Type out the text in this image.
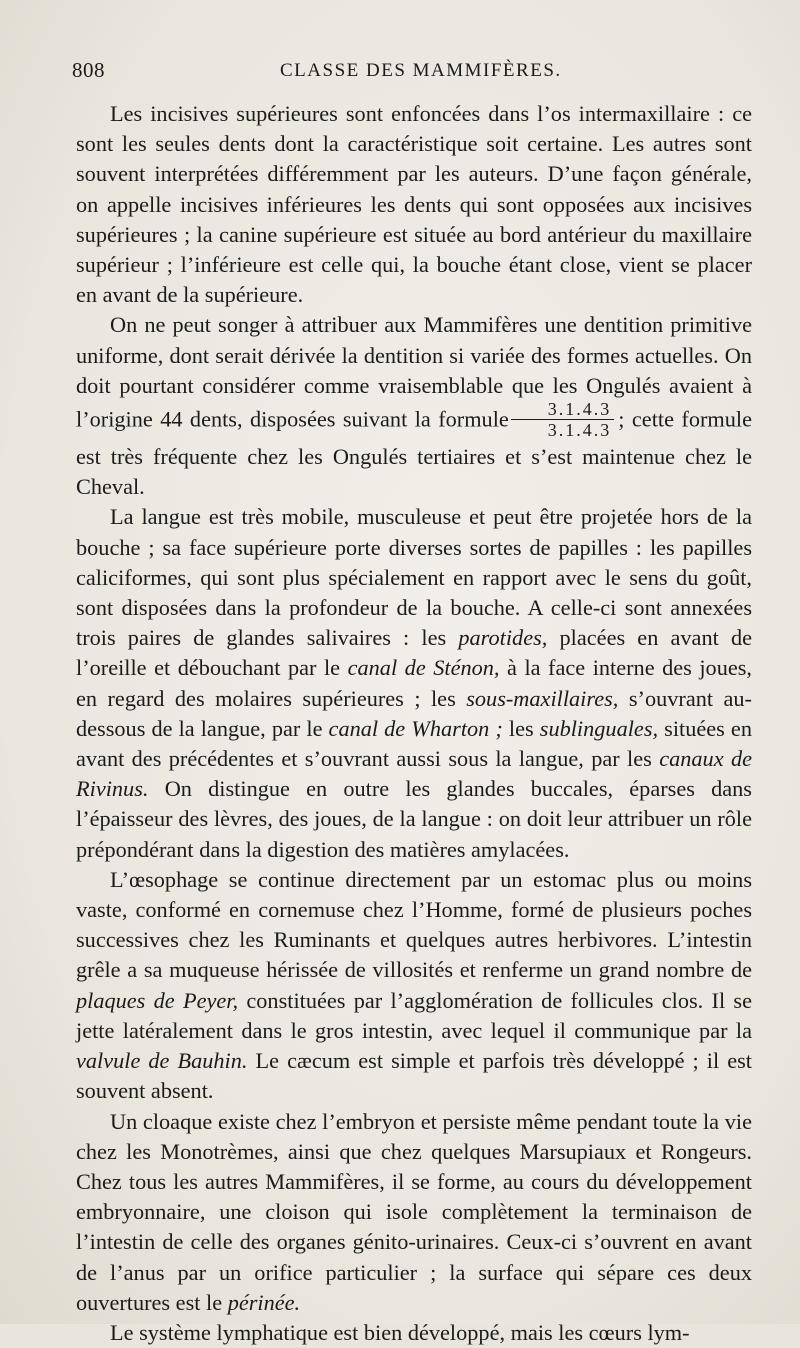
808	CLASSE DES MAMMIFÈRES.

Les incisives supérieures sont enfoncées dans l’os intermaxillaire : ce sont les seules dents dont la caractéristique soit certaine. Les autres sont souvent interprétées différemment par les auteurs. D’une façon générale, on appelle incisives inférieures les dents qui sont opposées aux incisives supérieures ; la canine supérieure est située au bord antérieur du maxillaire supérieur ; l’inférieure est celle qui, la bouche étant close, vient se placer en avant de la supérieure.

On ne peut songer à attribuer aux Mammifères une dentition primitive uniforme, dont serait dérivée la dentition si variée des formes actuelles. On doit pourtant considérer comme vraisemblable que les Ongulés avaient à l’origine 44 dents, disposées suivant la formule $\frac{3.1.4.3}{3.1.4.3}$ ; cette formule est très fréquente chez les Ongulés tertiaires et s’est maintenue chez le Cheval.

La langue est très mobile, musculeuse et peut être projetée hors de la bouche ; sa face supérieure porte diverses sortes de papilles : les papilles caliciformes, qui sont plus spécialement en rapport avec le sens du goût, sont disposées dans la profondeur de la bouche. A celle-ci sont annexées trois paires de glandes salivaires : les parotides, placées en avant de l’oreille et débouchant par le canal de Sténon, à la face interne des joues, en regard des molaires supérieures ; les sous-maxillaires, s’ouvrant au-dessous de la langue, par le canal de Wharton ; les sublinguales, situées en avant des précédentes et s’ouvrant aussi sous la langue, par les canaux de Rivinus. On distingue en outre les glandes buccales, éparses dans l’épaisseur des lèvres, des joues, de la langue : on doit leur attribuer un rôle prépondérant dans la digestion des matières amylacées.

L’œsophage se continue directement par un estomac plus ou moins vaste, conformé en cornemuse chez l’Homme, formé de plusieurs poches successives chez les Ruminants et quelques autres herbivores. L’intestin grêle a sa muqueuse hérissée de villosités et renferme un grand nombre de plaques de Peyer, constituées par l’agglomération de follicules clos. Il se jette latéralement dans le gros intestin, avec lequel il communique par la valvule de Bauhin. Le cæcum est simple et parfois très développé ; il est souvent absent.

Un cloaque existe chez l’embryon et persiste même pendant toute la vie chez les Monotrèmes, ainsi que chez quelques Marsupiaux et Rongeurs. Chez tous les autres Mammifères, il se forme, au cours du développement embryonnaire, une cloison qui isole complètement la terminaison de l’intestin de celle des organes génito-urinaires. Ceux-ci s’ouvrent en avant de l’anus par un orifice particulier ; la surface qui sépare ces deux ouvertures est le périnée.

Le système lymphatique est bien développé, mais les cœurs lym-
